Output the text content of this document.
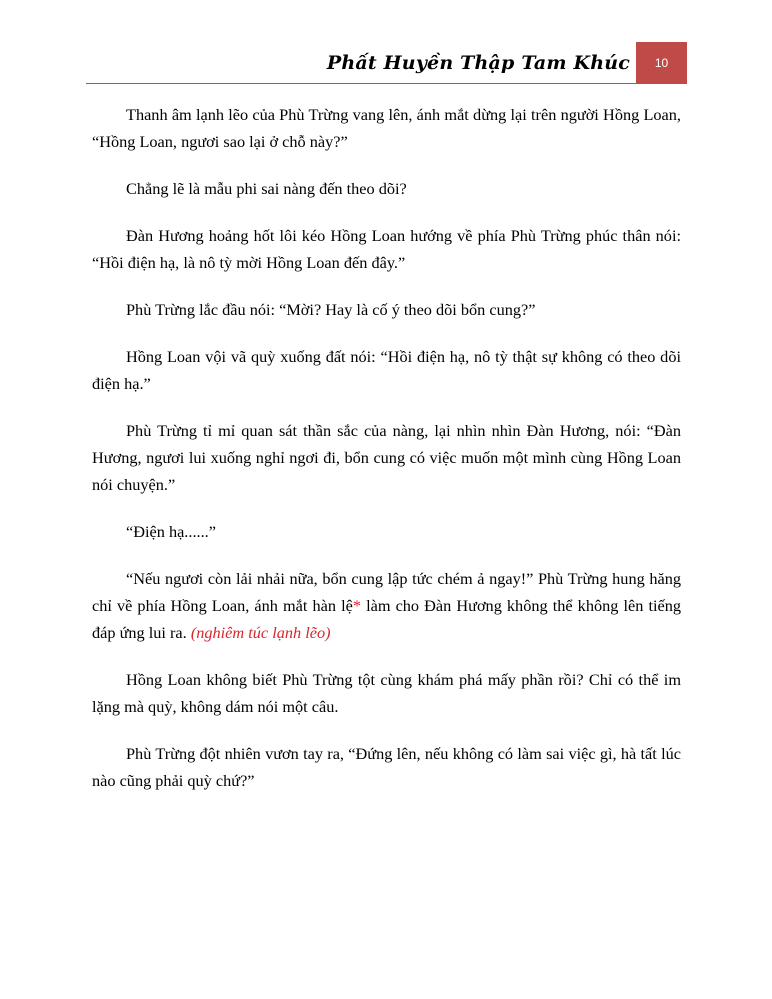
Phất Huyền Thập Tam Khúc 10

Thanh âm lạnh lẽo của Phù Trừng vang lên, ánh mắt dừng lại trên người Hồng Loan, “Hồng Loan, ngươi sao lại ở chỗ này?”

Chẳng lẽ là mẫu phi sai nàng đến theo dõi?

Đàn Hương hoảng hốt lôi kéo Hồng Loan hướng về phía Phù Trừng phúc thân nói: “Hồi điện hạ, là nô tỳ mời Hồng Loan đến đây.”

Phù Trừng lắc đầu nói: “Mời? Hay là cố ý theo dõi bổn cung?”

Hồng Loan vội vã quỳ xuống đất nói: “Hồi điện hạ, nô tỳ thật sự không có theo dõi điện hạ.”

Phù Trừng tỉ mỉ quan sát thần sắc của nàng, lại nhìn nhìn Đàn Hương, nói: “Đàn Hương, ngươi lui xuống nghỉ ngơi đi, bổn cung có việc muốn một mình cùng Hồng Loan nói chuyện.”

“Điện hạ......”

“Nếu ngươi còn lải nhải nữa, bổn cung lập tức chém ả ngay!” Phù Trừng hung hăng chỉ về phía Hồng Loan, ánh mắt hàn lệ* làm cho Đàn Hương không thể không lên tiếng đáp ứng lui ra. (nghiêm túc lạnh lẽo)

Hồng Loan không biết Phù Trừng tột cùng khám phá mấy phần rồi? Chỉ có thể im lặng mà quỳ, không dám nói một câu.

Phù Trừng đột nhiên vươn tay ra, “Đứng lên, nếu không có làm sai việc gì, hà tất lúc nào cũng phải quỳ chứ?”
